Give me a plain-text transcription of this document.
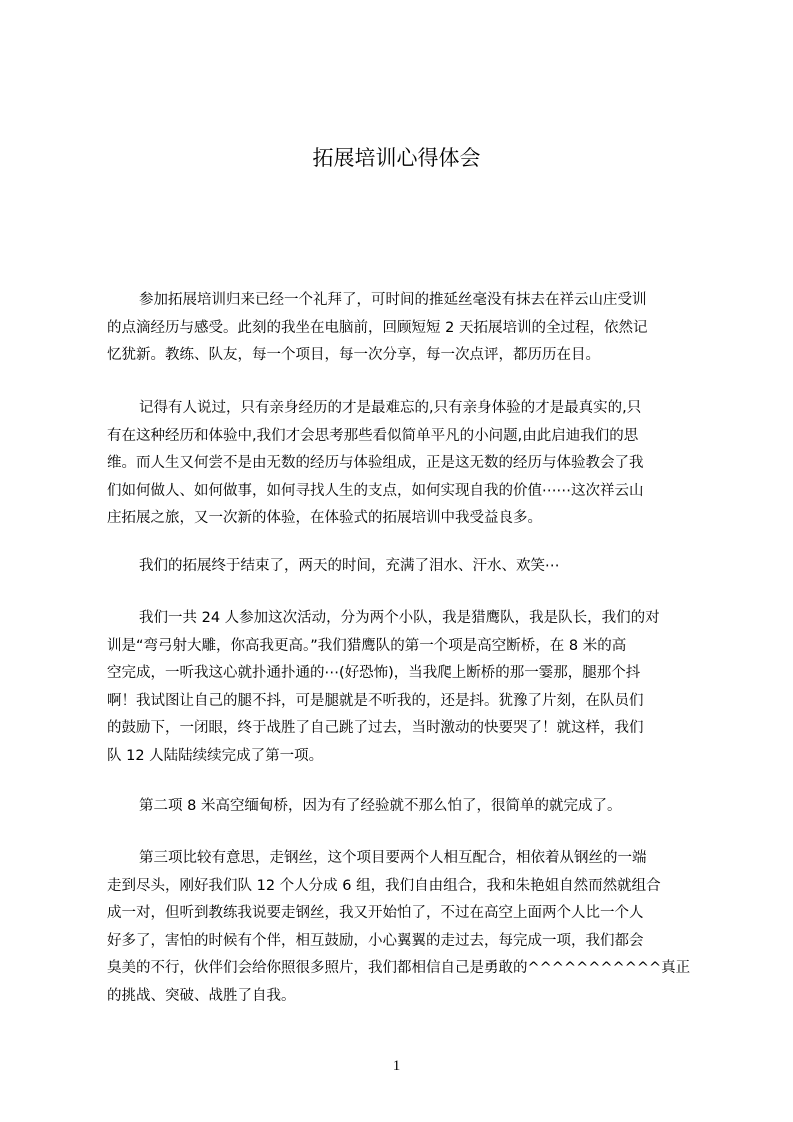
拓展培训心得体会
参加拓展培训归来已经一个礼拜了，可时间的推延丝毫没有抹去在祥云山庄受训
的点滴经历与感受。此刻的我坐在电脑前，回顾短短 2 天拓展培训的全过程，依然记
忆犹新。教练、队友，每一个项目，每一次分享，每一次点评，都历历在目。
记得有人说过，只有亲身经历的才是最难忘的,只有亲身体验的才是最真实的,只
有在这种经历和体验中,我们才会思考那些看似简单平凡的小问题,由此启迪我们的思
维。而人生又何尝不是由无数的经历与体验组成，正是这无数的经历与体验教会了我
们如何做人、如何做事，如何寻找人生的支点，如何实现自我的价值⋯⋯这次祥云山
庄拓展之旅，又一次新的体验，在体验式的拓展培训中我受益良多。
我们的拓展终于结束了，两天的时间，充满了泪水、汗水、欢笑⋯
我们一共 24 人参加这次活动，分为两个小队，我是猎鹰队，我是队长，我们的对
训是“弯弓射大雕，你高我更高。”我们猎鹰队的第一个项是高空断桥，在 8 米的高
空完成，一听我这心就扑通扑通的⋯(好恐怖)，当我爬上断桥的那一霎那，腿那个抖
啊！我试图让自己的腿不抖，可是腿就是不听我的，还是抖。犹豫了片刻，在队员们
的鼓励下，一闭眼，终于战胜了自己跳了过去，当时激动的快要哭了！就这样，我们
队 12 人陆陆续续完成了第一项。
第二项 8 米高空缅甸桥，因为有了经验就不那么怕了，很简单的就完成了。
第三项比较有意思，走钢丝，这个项目要两个人相互配合，相依着从钢丝的一端
走到尽头，刚好我们队 12 个人分成 6 组，我们自由组合，我和朱艳姐自然而然就组合
成一对，但听到教练我说要走钢丝，我又开始怕了，不过在高空上面两个人比一个人
好多了，害怕的时候有个伴，相互鼓励，小心翼翼的走过去，每完成一项，我们都会
臭美的不行，伙伴们会给你照很多照片，我们都相信自己是勇敢的^^^^^^^^^^^真正
的挑战、突破、战胜了自我。
1
